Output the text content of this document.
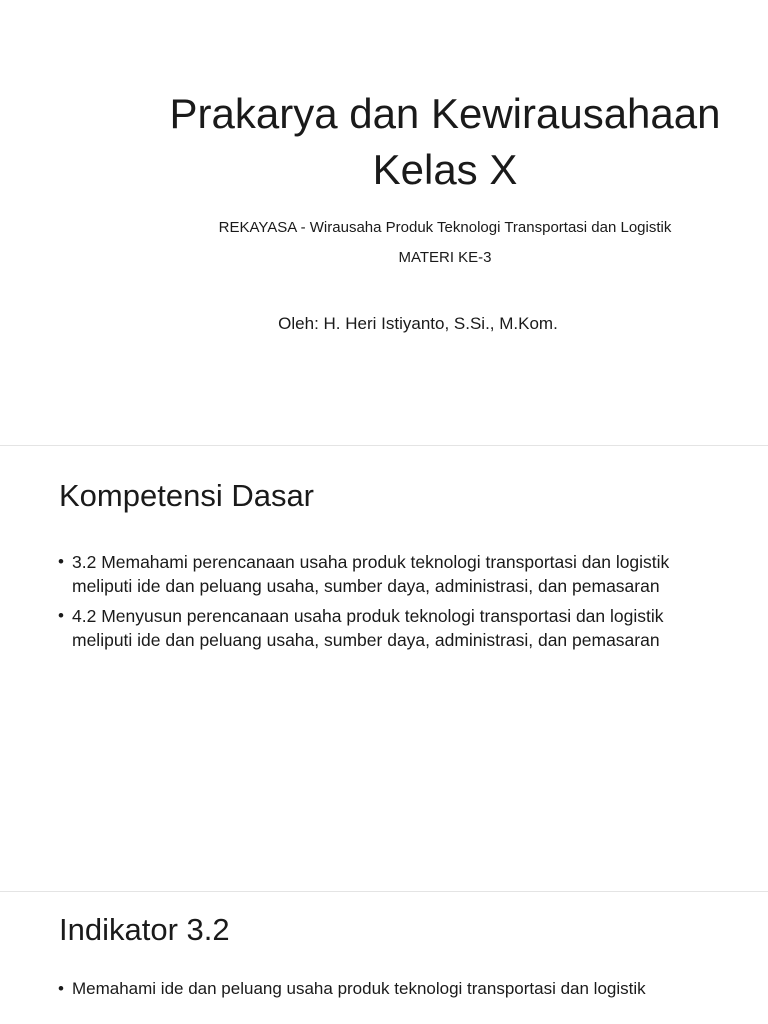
Prakarya dan Kewirausahaan
Kelas X
REKAYASA - Wirausaha Produk Teknologi Transportasi dan Logistik
MATERI KE-3
Oleh: H. Heri Istiyanto, S.Si., M.Kom.
Kompetensi Dasar
• 3.2 Memahami perencanaan usaha produk teknologi transportasi dan logistik meliputi ide dan peluang usaha, sumber daya, administrasi, dan pemasaran
• 4.2 Menyusun perencanaan usaha produk teknologi transportasi dan logistik meliputi ide dan peluang usaha, sumber daya, administrasi, dan pemasaran
Indikator 3.2
• Memahami ide dan peluang usaha produk teknologi transportasi dan logistik
